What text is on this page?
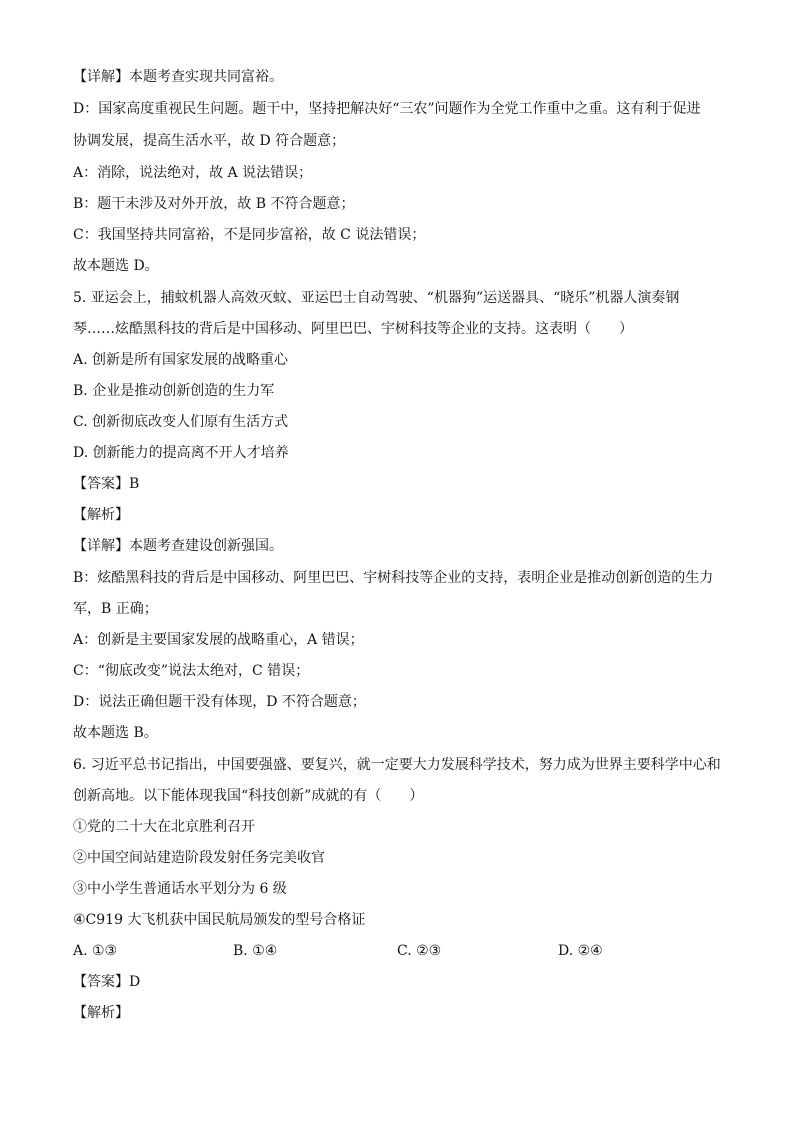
【详解】本题考查实现共同富裕。
D：国家高度重视民生问题。题干中，坚持把解决好“三农”问题作为全党工作重中之重。这有利于促进
协调发展，提高生活水平，故 D 符合题意；
A：消除，说法绝对，故 A 说法错误；
B：题干未涉及对外开放，故 B 不符合题意；
C：我国坚持共同富裕，不是同步富裕，故 C 说法错误；
故本题选 D。
5. 亚运会上，捕蚊机器人高效灭蚊、亚运巴士自动驾驶、“机器狗”运送器具、“晓乐”机器人演奏钢
琴……炫酷黑科技的背后是中国移动、阿里巴巴、宇树科技等企业的支持。这表明（　　）
A. 创新是所有国家发展的战略重心
B. 企业是推动创新创造的生力军
C. 创新彻底改变人们原有生活方式
D. 创新能力的提高离不开人才培养
【答案】B
【解析】
【详解】本题考查建设创新强国。
B：炫酷黑科技的背后是中国移动、阿里巴巴、宇树科技等企业的支持，表明企业是推动创新创造的生力
军，B 正确；
A：创新是主要国家发展的战略重心，A 错误；
C：“彻底改变”说法太绝对，C 错误；
D：说法正确但题干没有体现，D 不符合题意；
故本题选 B。
6. 习近平总书记指出，中国要强盛、要复兴，就一定要大力发展科学技术，努力成为世界主要科学中心和
创新高地。以下能体现我国“科技创新”成就的有（　　）
①党的二十大在北京胜利召开
②中国空间站建造阶段发射任务完美收官
③中小学生普通话水平划分为 6 级
④C919 大飞机获中国民航局颁发的型号合格证
A. ①③	B. ①④	C. ②③	D. ②④
【答案】D
【解析】
